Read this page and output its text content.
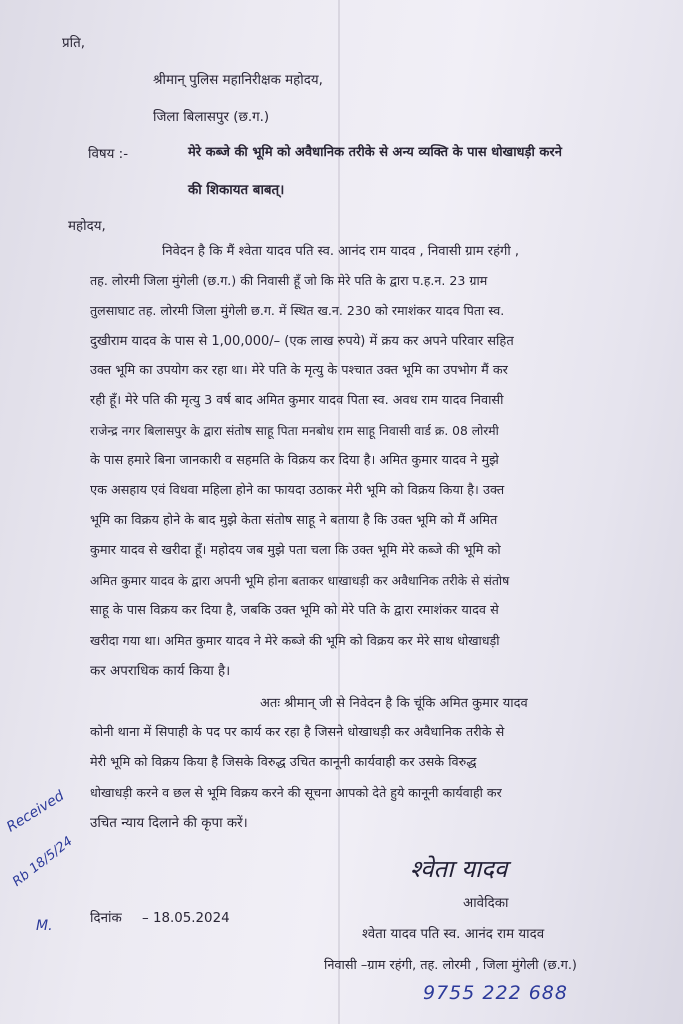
प्रति,
श्रीमान् पुलिस महानिरीक्षक महोदय,
जिला बिलासपुर (छ.ग.)
विषय :-	मेरे कब्जे की भूमि को अवैधानिक तरीके से अन्य व्यक्ति के पास धोखाधड़ी करने
की शिकायत बाबत्।
महोदय,
निवेदन है कि मैं श्वेता यादव पति स्व. आनंद राम यादव , निवासी ग्राम रहंगी ,
तह. लोरमी जिला मुंगेली (छ.ग.) की निवासी हूँ जो कि मेरे पति के द्वारा प.ह.न. 23 ग्राम
तुलसाघाट तह. लोरमी जिला मुंगेली छ.ग. में स्थित ख.न. 230 को रमाशंकर यादव पिता स्व.
दुखीराम यादव के पास से 1,00,000/– (एक लाख रुपये) में क्रय कर अपने परिवार सहित
उक्त भूमि का उपयोग कर रहा था। मेरे पति के मृत्यु के पश्चात उक्त भूमि का उपभोग मैं कर
रही हूँ। मेरे पति की मृत्यु 3 वर्ष बाद अमित कुमार यादव पिता स्व. अवध राम यादव निवासी
राजेन्द्र नगर बिलासपुर के द्वारा संतोष साहू पिता मनबोध राम साहू निवासी वार्ड क्र. 08 लोरमी
के पास हमारे बिना जानकारी व सहमति के विक्रय कर दिया है। अमित कुमार यादव ने मुझे
एक असहाय एवं विधवा महिला होने का फायदा उठाकर मेरी भूमि को विक्रय किया है। उक्त
भूमि का विक्रय होने के बाद मुझे केता संतोष साहू ने बताया है कि उक्त भूमि को मैं अमित
कुमार यादव से खरीदा हूँ। महोदय जब मुझे पता चला कि उक्त भूमि मेरे कब्जे की भूमि को
अमित कुमार यादव के द्वारा अपनी भूमि होना बताकर धाखाधड़ी कर अवैधानिक तरीके से संतोष
साहू के पास विक्रय कर दिया है, जबकि उक्त भूमि को मेरे पति के द्वारा रमाशंकर यादव से
खरीदा गया था। अमित कुमार यादव ने मेरे कब्जे की भूमि को विक्रय कर मेरे साथ धोखाधड़ी
कर अपराधिक कार्य किया है।
अतः श्रीमान् जी से निवेदन है कि चूंकि अमित कुमार यादव
कोनी थाना में सिपाही के पद पर कार्य कर रहा है जिसने धोखाधड़ी कर अवैधानिक तरीके से
मेरी भूमि को विक्रय किया है जिसके विरुद्ध उचित कानूनी कार्यवाही कर उसके विरुद्ध
धोखाधड़ी करने व छल से भूमि विक्रय करने की सूचना आपको देते हुये कानूनी कार्यवाही कर
उचित न्याय दिलाने की कृपा करें।
श्वेता यादव
आवेदिका
दिनांक – 18.05.2024
श्वेता यादव पति स्व. आनंद राम यादव
निवासी –ग्राम रहंगी, तह. लोरमी , जिला मुंगेली (छ.ग.)
9755 222 688
Received
Rb 18/5/24
M.
